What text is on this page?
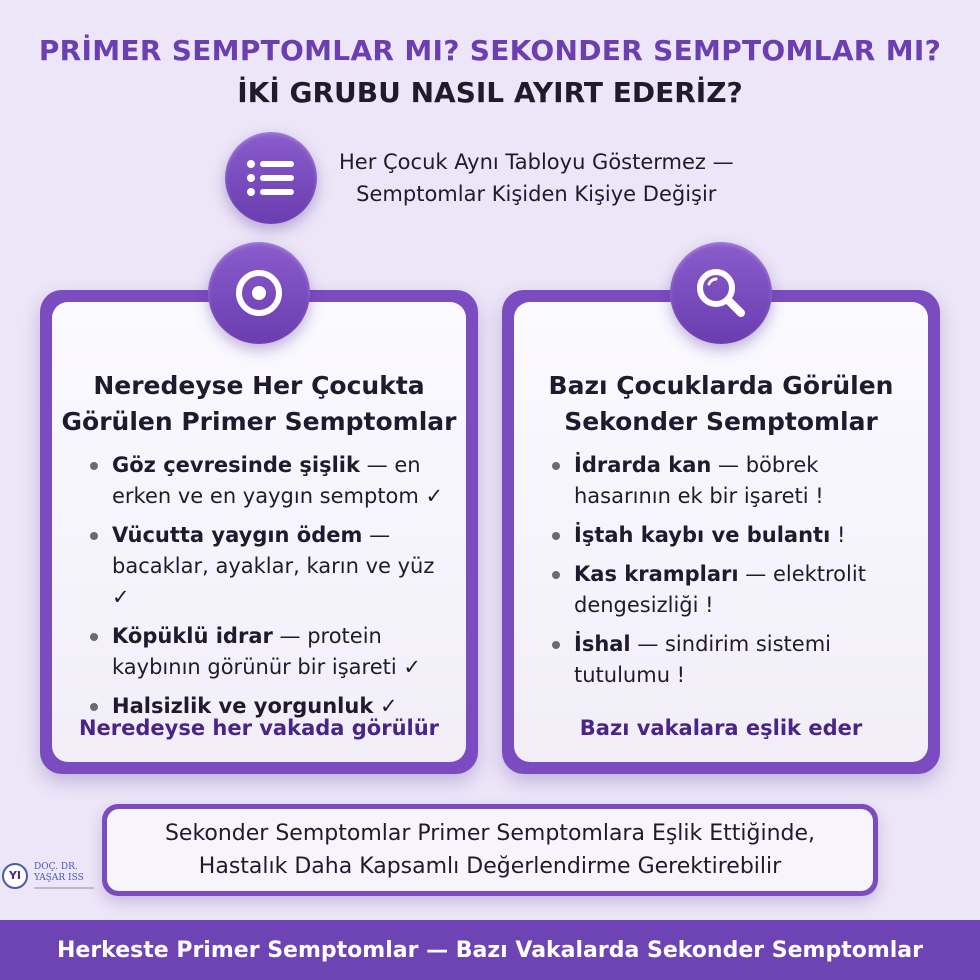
PRİMER SEMPTOMLAR MI? SEKONDER SEMPTOMLAR MI?
İKİ GRUBU NASIL AYIRT EDERİZ?
Her Çocuk Aynı Tabloyu Göstermez —
Semptomlar Kişiden Kişiye Değişir
Neredeyse Her Çocukta
Görülen Primer Semptomlar
Göz çevresinde şişlik — en erken ve en yaygın semptom ✓
Vücutta yaygın ödem — bacaklar, ayaklar, karın ve yüz ✓
Köpüklü idrar — protein kaybının görünür bir işareti ✓
Halsizlik ve yorgunluk ✓
Neredeyse her vakada görülür
Bazı Çocuklarda Görülen
Sekonder Semptomlar
İdrarda kan — böbrek hasarının ek bir işareti !
İştah kaybı ve bulantı !
Kas krampları — elektrolit dengesizliği !
İshal — sindirim sistemi tutulumu !
Bazı vakalara eşlik eder
Sekonder Semptomlar Primer Semptomlara Eşlik Ettiğinde,
Hastalık Daha Kapsamlı Değerlendirme Gerektirebilir
YI
DOÇ. DR.
YAŞAR ISS
Herkeste Primer Semptomlar — Bazı Vakalarda Sekonder Semptomlar
